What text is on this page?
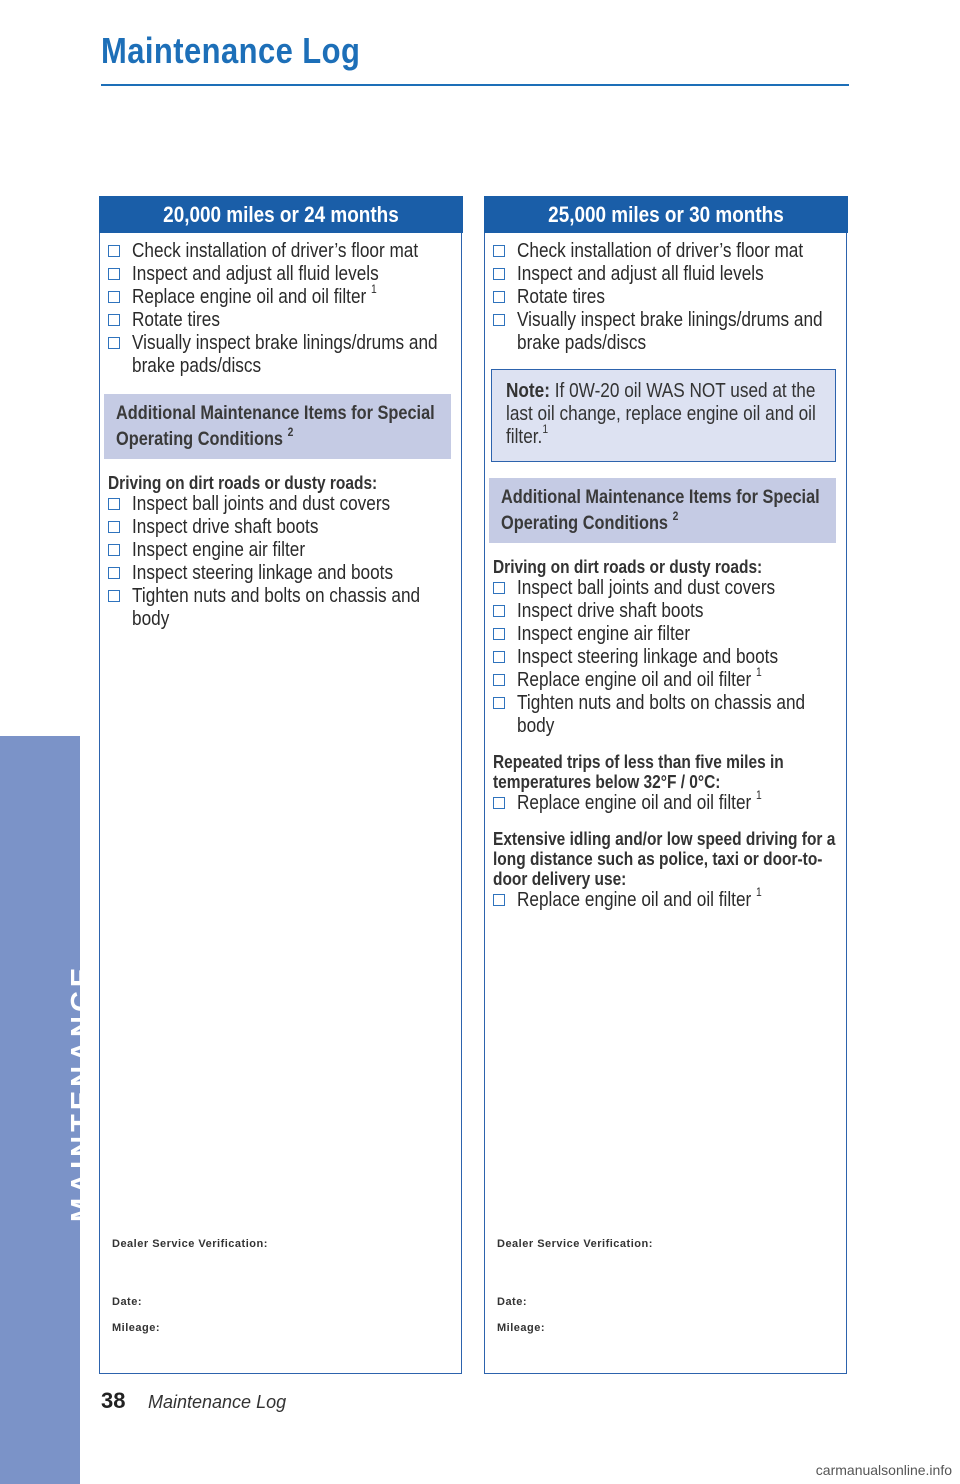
Maintenance Log
20,000 miles or 24 months
Check installation of driver’s floor mat
Inspect and adjust all fluid levels
Replace engine oil and oil filter $^1$
Rotate tires
Visually inspect brake linings/drums and brake pads/discs
Additional Maintenance Items for Special Operating Conditions $^2$
Driving on dirt roads or dusty roads:
Inspect ball joints and dust covers
Inspect drive shaft boots
Inspect engine air filter
Inspect steering linkage and boots
Tighten nuts and bolts on chassis and body
Dealer Service Verification:
Date:
Mileage:
25,000 miles or 30 months
Check installation of driver’s floor mat
Inspect and adjust all fluid levels
Rotate tires
Visually inspect brake linings/drums and brake pads/discs
Note: If 0W-20 oil WAS NOT used at the last oil change, replace engine oil and oil filter.$^1$
Additional Maintenance Items for Special Operating Conditions $^2$
Driving on dirt roads or dusty roads:
Inspect ball joints and dust covers
Inspect drive shaft boots
Inspect engine air filter
Inspect steering linkage and boots
Replace engine oil and oil filter $^1$
Tighten nuts and bolts on chassis and body
Repeated trips of less than five miles in temperatures below 32°F / 0°C:
Replace engine oil and oil filter $^1$
Extensive idling and/or low speed driving for a long distance such as police, taxi or door-to-door delivery use:
Replace engine oil and oil filter $^1$
Dealer Service Verification:
Date:
Mileage:
38 Maintenance Log
MAINTENANCE
carmanualsonline.info
